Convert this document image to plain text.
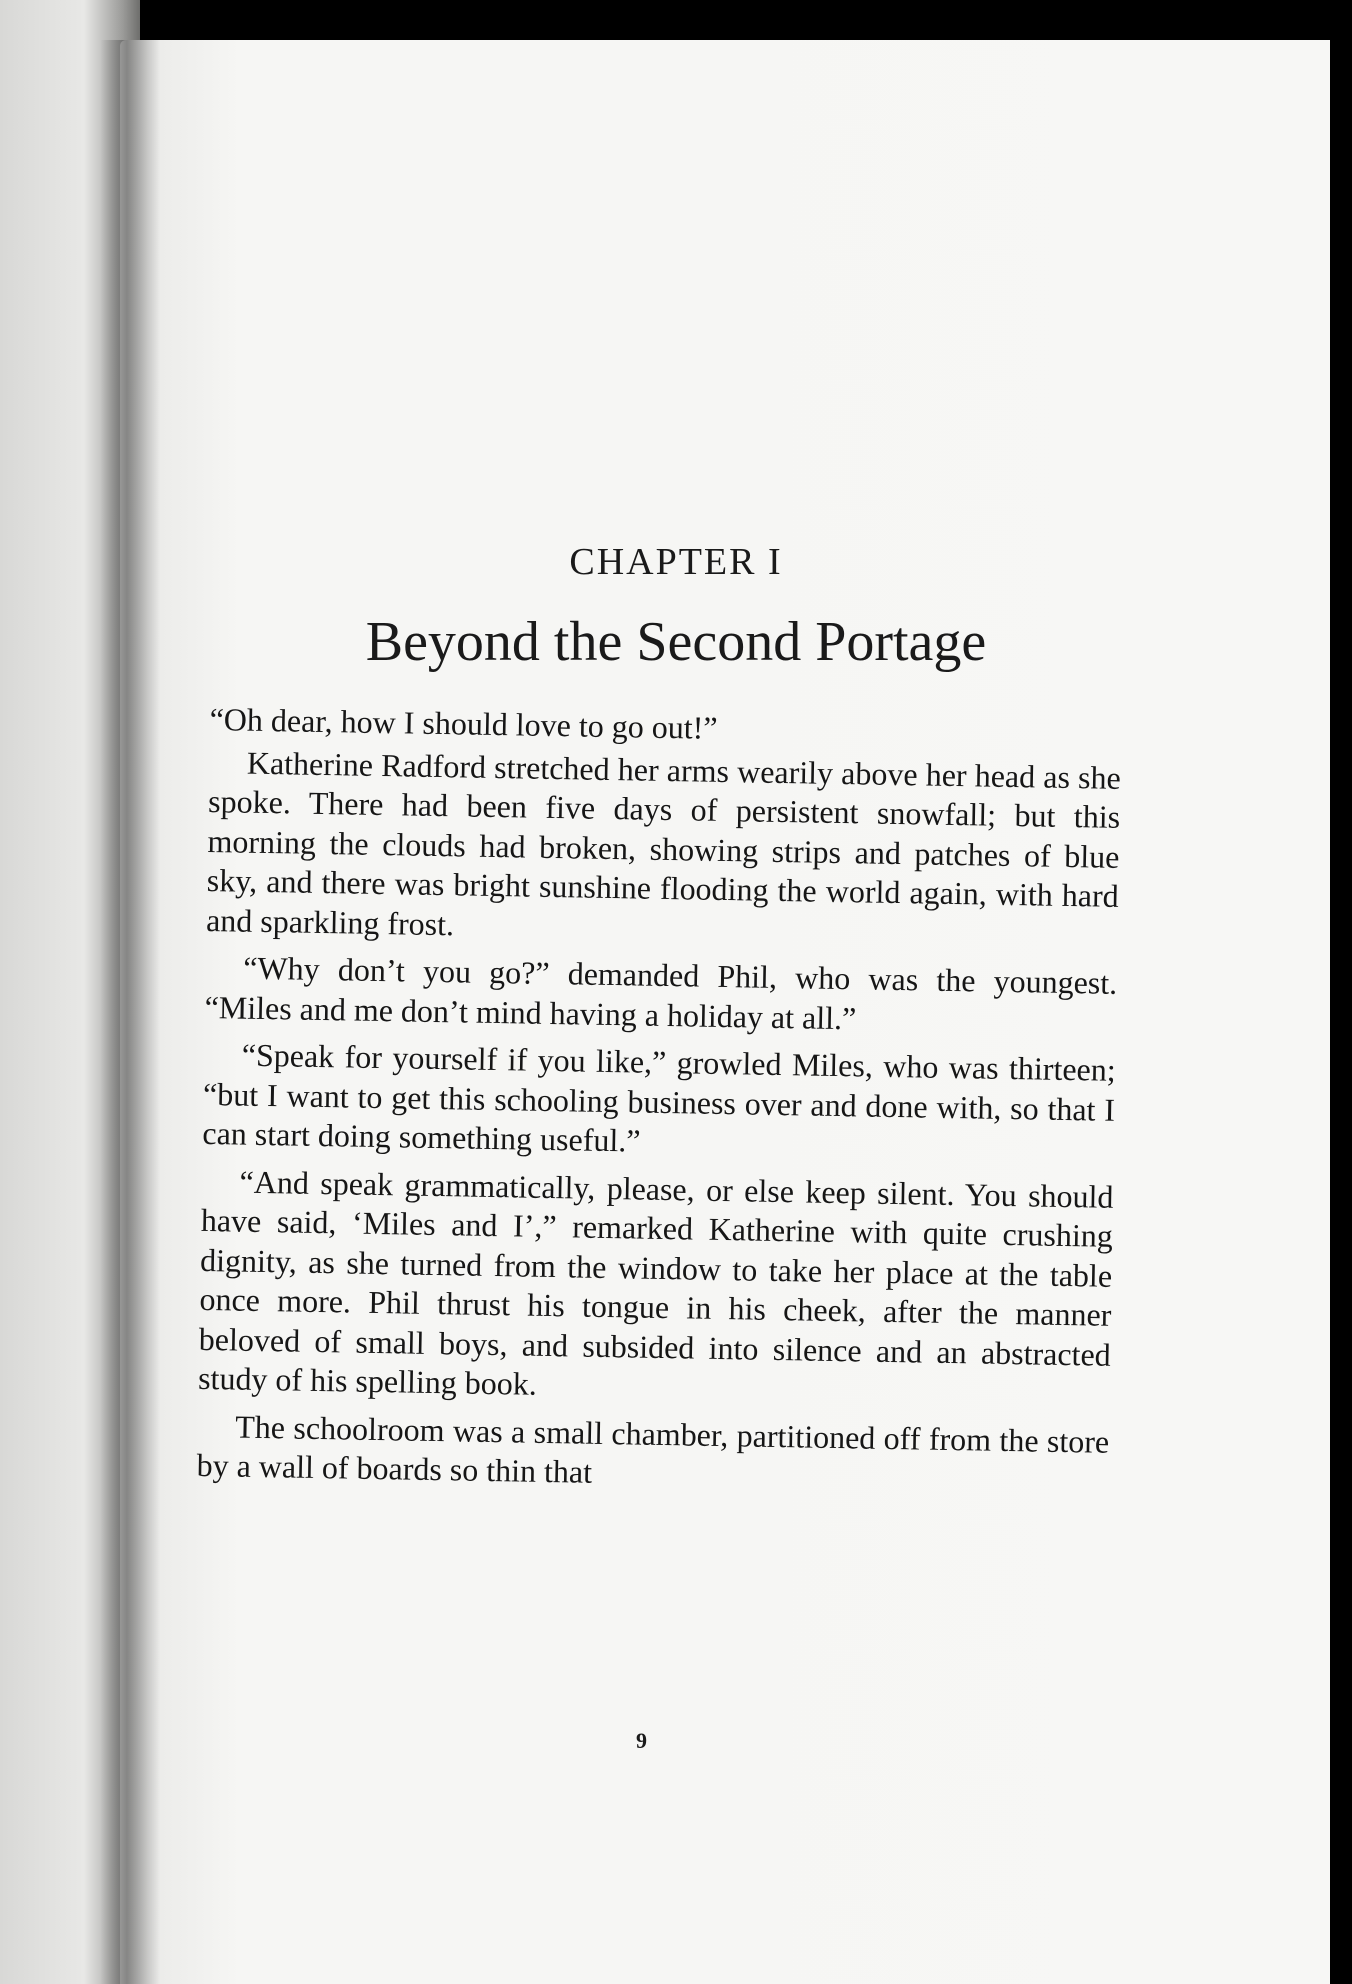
CHAPTER I
Beyond the Second Portage

“Oh dear, how I should love to go out!”

Katherine Radford stretched her arms wearily above her head as she spoke. There had been five days of persistent snowfall; but this morning the clouds had broken, showing strips and patches of blue sky, and there was bright sunshine flooding the world again, with hard and sparkling frost.

“Why don’t you go?” demanded Phil, who was the youngest. “Miles and me don’t mind having a holiday at all.”

“Speak for yourself if you like,” growled Miles, who was thirteen; “but I want to get this schooling business over and done with, so that I can start doing something useful.”

“And speak grammatically, please, or else keep silent. You should have said, ‘Miles and I’,” remarked Katherine with quite crushing dignity, as she turned from the window to take her place at the table once more. Phil thrust his tongue in his cheek, after the manner beloved of small boys, and subsided into silence and an abstracted study of his spelling book.

The schoolroom was a small chamber, partitioned off from the store by a wall of boards so thin that

9
